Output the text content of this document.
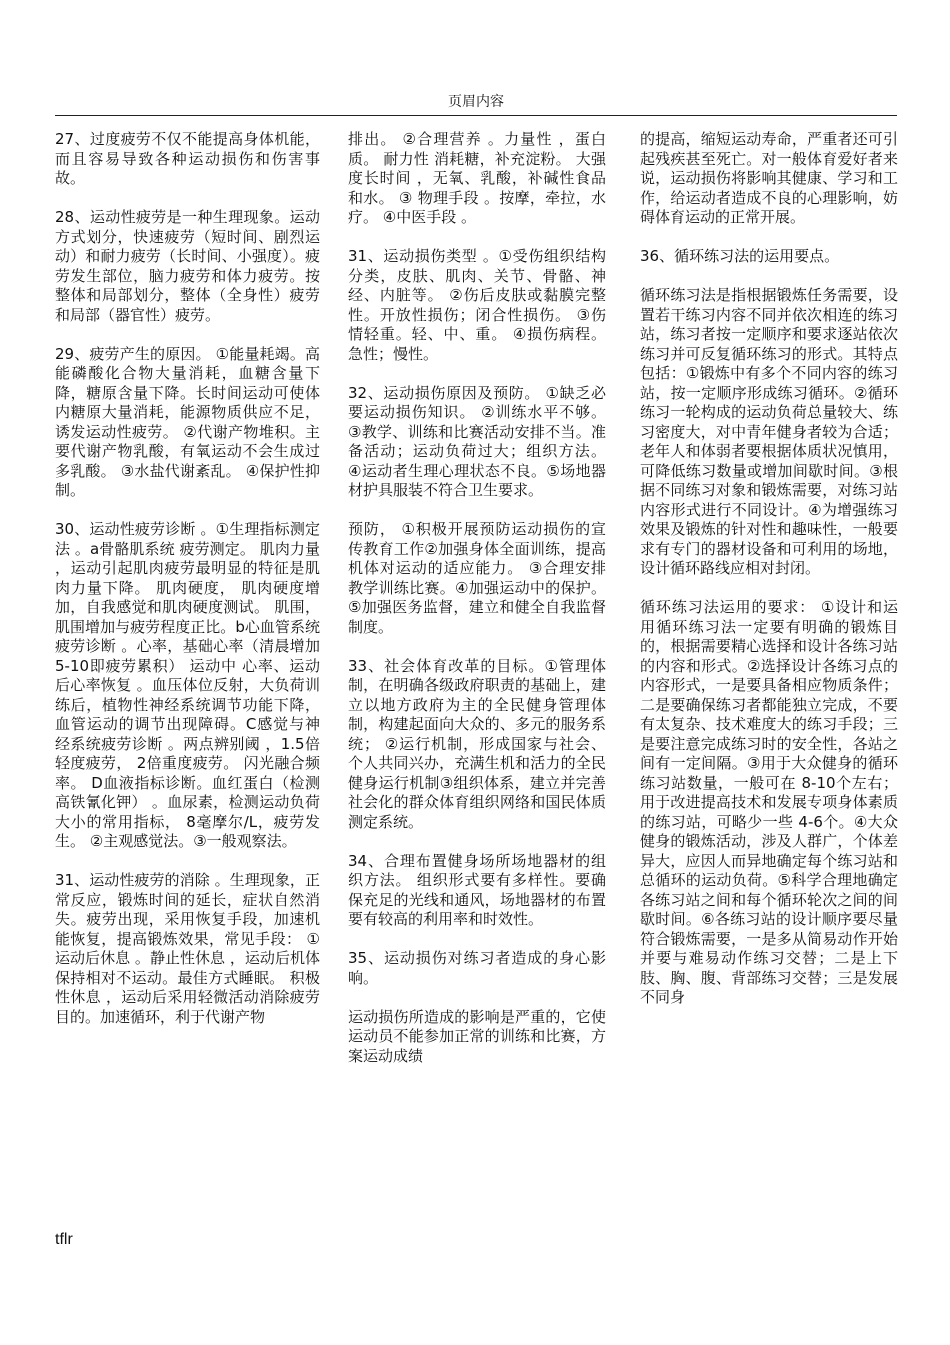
页眉内容

27、过度疲劳不仅不能提高身体机能，而且容易导致各种运动损伤和伤害事故。

28、运动性疲劳是一种生理现象。运动方式划分，快速疲劳（短时间、剧烈运动）和耐力疲劳（长时间、小强度）。疲劳发生部位，脑力疲劳和体力疲劳。按整体和局部划分，整体（全身性）疲劳和局部（器官性）疲劳。

29、疲劳产生的原因。 ①能量耗竭。高能磷酸化合物大量消耗，血糖含量下降，糖原含量下降。长时间运动可使体内糖原大量消耗，能源物质供应不足，诱发运动性疲劳。 ②代谢产物堆积。主要代谢产物乳酸，有氧运动不会生成过多乳酸。 ③水盐代谢紊乱。 ④保护性抑制。

30、运动性疲劳诊断 。①生理指标测定法 。a骨骼肌系统 疲劳测定。 肌肉力量 ，运动引起肌肉疲劳最明显的特征是肌肉力量下降。 肌肉硬度， 肌肉硬度增加，自我感觉和肌肉硬度测试。 肌围，肌围增加与疲劳程度正比。b心血管系统疲劳诊断 。心率，基础心率（清晨增加 5-10即疲劳累积） 运动中 心率、运动后心率恢复 。血压体位反射，大负荷训练后，植物性神经系统调节功能下降，血管运动的调节出现障碍。C感觉与神经系统疲劳诊断 。两点辨别阈 ，1.5倍轻度疲劳， 2倍重度疲劳。 闪光融合频率。 D血液指标诊断。血红蛋白（检测高铁氰化钾） 。血尿素，检测运动负荷大小的常用指标， 8毫摩尔/L，疲劳发生。 ②主观感觉法。③一般观察法。

31、运动性疲劳的消除 。生理现象，正常反应，锻炼时间的延长，症状自然消失。疲劳出现，采用恢复手段，加速机能恢复，提高锻炼效果，常见手段： ①运动后休息 。静止性休息 ，运动后机体保持相对不运动。最佳方式睡眠。 积极性休息 ，运动后采用轻微活动消除疲劳目的。加速循环，利于代谢产物

排出。 ②合理营养 。力量性 ，蛋白质。 耐力性 消耗糖，补充淀粉。 大强度长时间 ，无氧、乳酸，补碱性食品和水。 ③ 物理手段 。按摩，牵拉，水疗。 ④中医手段 。

31、运动损伤类型 。①受伤组织结构分类，皮肤、肌肉、关节、骨骼、神经、内脏等。 ②伤后皮肤或黏膜完整性。开放性损伤；闭合性损伤。 ③伤情轻重。轻、中、重。 ④损伤病程。急性；慢性。

32、运动损伤原因及预防。 ①缺乏必要运动损伤知识。 ②训练水平不够。 ③教学、训练和比赛活动安排不当。准备活动；运动负荷过大；组织方法。 ④运动者生理心理状态不良。⑤场地器材护具服装不符合卫生要求。

预防， ①积极开展预防运动损伤的宣传教育工作②加强身体全面训练，提高机体对运动的适应能力。 ③合理安排教学训练比赛。④加强运动中的保护。⑤加强医务监督，建立和健全自我监督制度。

33、社会体育改革的目标。①管理体制，在明确各级政府职责的基础上，建立以地方政府为主的全民健身管理体制，构建起面向大众的、多元的服务系统； ②运行机制，形成国家与社会、个人共同兴办，充满生机和活力的全民健身运行机制③组织体系，建立并完善社会化的群众体育组织网络和国民体质测定系统。

34、合理布置健身场所场地器材的组织方法。 组织形式要有多样性。要确保充足的光线和通风，场地器材的布置要有较高的利用率和时效性。

35、运动损伤对练习者造成的身心影响。

运动损伤所造成的影响是严重的，它使运动员不能参加正常的训练和比赛，方案运动成绩

的提高，缩短运动寿命，严重者还可引起残疾甚至死亡。对一般体育爱好者来说，运动损伤将影响其健康、学习和工作，给运动者造成不良的心理影响，妨碍体育运动的正常开展。

36、循环练习法的运用要点。

循环练习法是指根据锻炼任务需要，设置若干练习内容不同并依次相连的练习站，练习者按一定顺序和要求逐站依次练习并可反复循环练习的形式。其特点包括：①锻炼中有多个不同内容的练习站，按一定顺序形成练习循环。②循环练习一轮构成的运动负荷总量较大、练习密度大，对中青年健身者较为合适；老年人和体弱者要根据体质状况慎用，可降低练习数量或增加间歇时间。③根据不同练习对象和锻炼需要，对练习站内容形式进行不同设计。④为增强练习效果及锻炼的针对性和趣味性，一般要求有专门的器材设备和可利用的场地，设计循环路线应相对封闭。

循环练习法运用的要求： ①设计和运用循环练习法一定要有明确的锻炼目的，根据需要精心选择和设计各练习站的内容和形式。②选择设计各练习点的内容形式，一是要具备相应物质条件；二是要确保练习者都能独立完成，不要有太复杂、技术难度大的练习手段；三是要注意完成练习时的安全性，各站之间有一定间隔。③用于大众健身的循环练习站数量，一般可在 8-10个左右；用于改进提高技术和发展专项身体素质的练习站，可略少一些 4-6个。④大众健身的锻炼活动，涉及人群广，个体差异大，应因人而异地确定每个练习站和总循环的运动负荷。⑤科学合理地确定各练习站之间和每个循环轮次之间的间歇时间。⑥各练习站的设计顺序要尽量符合锻炼需要，一是多从简易动作开始并要与难易动作练习交替；二是上下肢、胸、腹、背部练习交替；三是发展不同身

tflr
